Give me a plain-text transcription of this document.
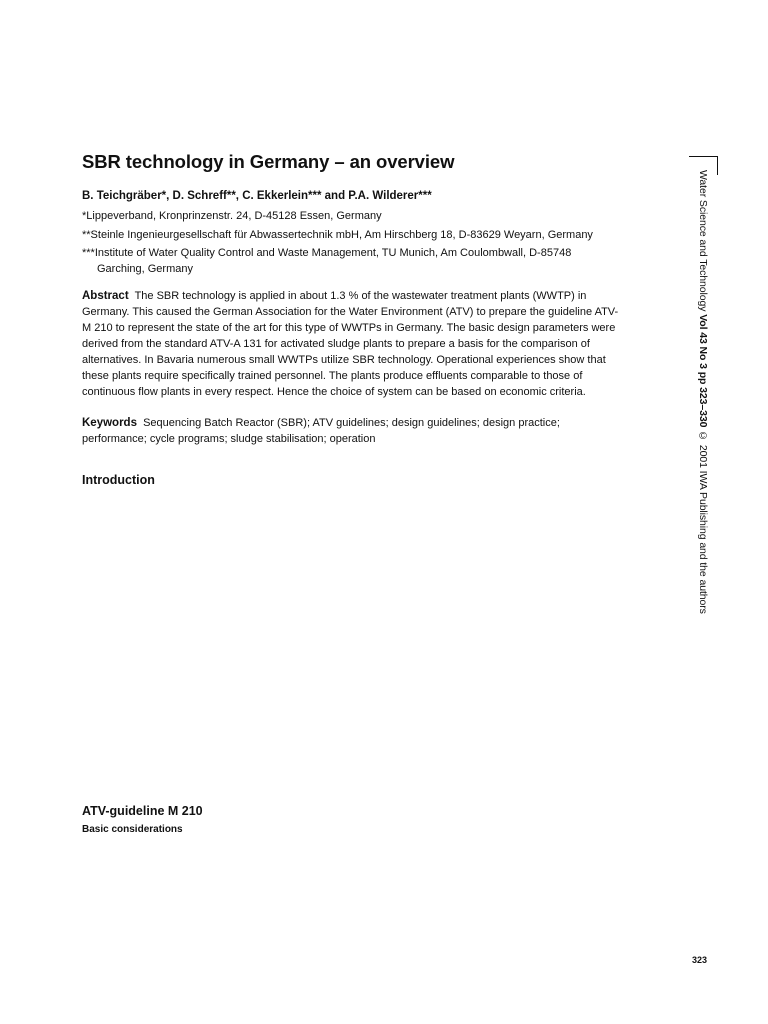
SBR technology in Germany – an overview
B. Teichgräber*, D. Schreff**, C. Ekkerlein*** and P.A. Wilderer***
*Lippeverband, Kronprinzenstr. 24, D-45128 Essen, Germany
**Steinle Ingenieurgesellschaft für Abwassertechnik mbH, Am Hirschberg 18, D-83629 Weyarn, Germany
***Institute of Water Quality Control and Waste Management, TU Munich, Am Coulombwall, D-85748
Garching, Germany
Abstract The SBR technology is applied in about 1.3 % of the wastewater treatment plants (WWTP) in Germany. This caused the German Association for the Water Environment (ATV) to prepare the guideline ATV-M 210 to represent the state of the art for this type of WWTPs in Germany. The basic design parameters were derived from the standard ATV-A 131 for activated sludge plants to prepare a basis for the comparison of alternatives. In Bavaria numerous small WWTPs utilize SBR technology. Operational experiences show that these plants require specifically trained personnel. The plants produce effluents comparable to those of continuous flow plants in every respect. Hence the choice of system can be based on economic criteria.
Keywords Sequencing Batch Reactor (SBR); ATV guidelines; design guidelines; design practice; performance; cycle programs; sludge stabilisation; operation
Introduction
ATV-guideline M 210
Basic considerations
Water Science and Technology Vol 43 No 3 pp 323–330 © 2001 IWA Publishing and the authors
323
